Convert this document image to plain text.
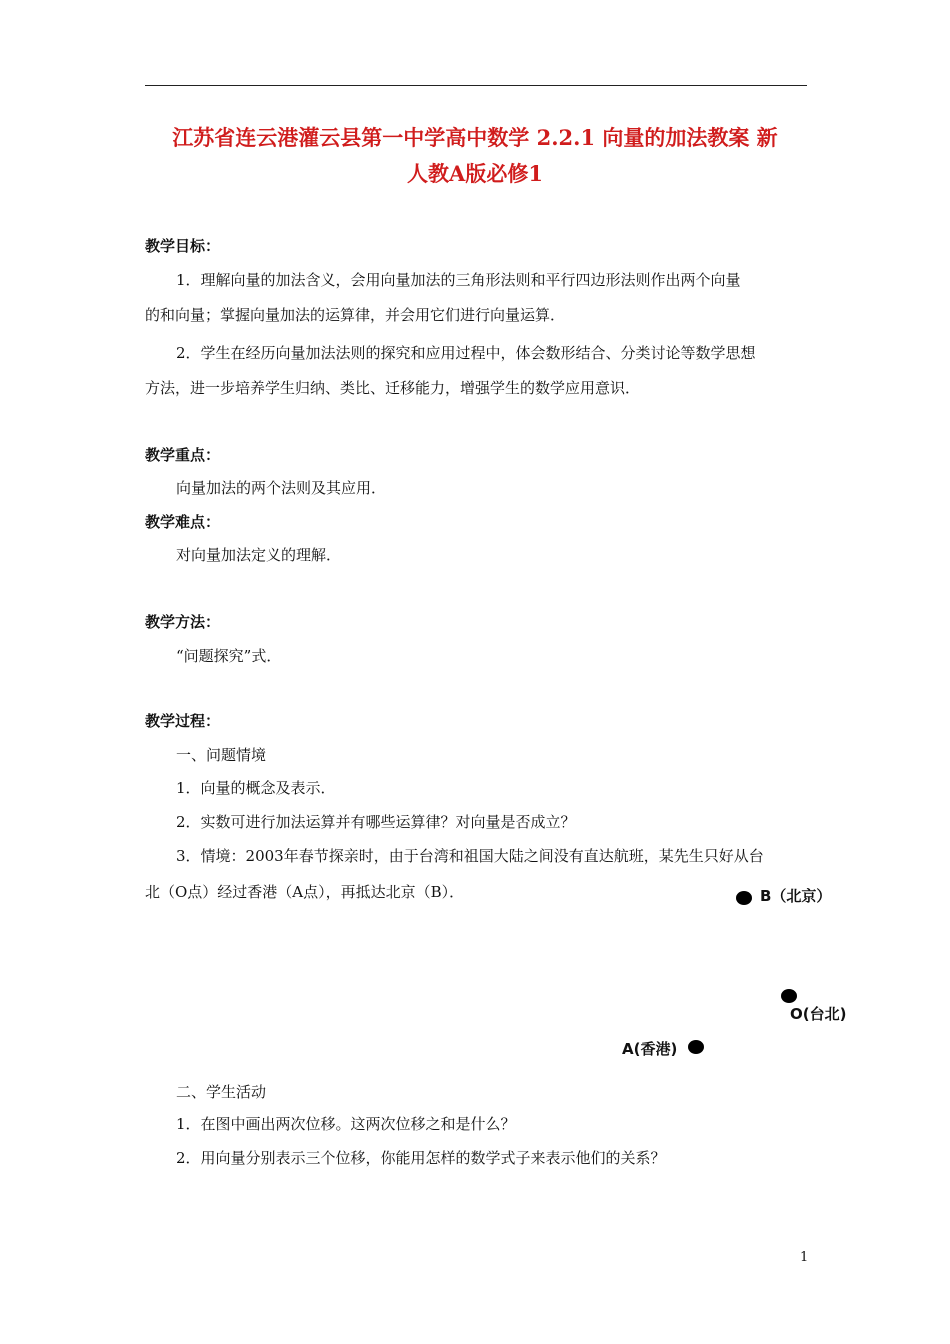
江苏省连云港灌云县第一中学高中数学 2.2.1 向量的加法教案 新
人教A版必修1
教学目标：
1．理解向量的加法含义，会用向量加法的三角形法则和平行四边形法则作出两个向量
的和向量；掌握向量加法的运算律，并会用它们进行向量运算．
2．学生在经历向量加法法则的探究和应用过程中，体会数形结合、分类讨论等数学思想
方法，进一步培养学生归纳、类比、迁移能力，增强学生的数学应用意识．
教学重点：
向量加法的两个法则及其应用．
教学难点：
对向量加法定义的理解．
教学方法：
“问题探究”式．
教学过程：
一、问题情境
1．向量的概念及表示．
2．实数可进行加法运算并有哪些运算律？对向量是否成立？
3．情境：2003年春节探亲时，由于台湾和祖国大陆之间没有直达航班，某先生只好从台
北（O点）经过香港（A点），再抵达北京（B）．	B（北京）
O(台北)
A(香港)
二、学生活动
1．在图中画出两次位移。这两次位移之和是什么？
2．用向量分别表示三个位移，你能用怎样的数学式子来表示他们的关系？
1
